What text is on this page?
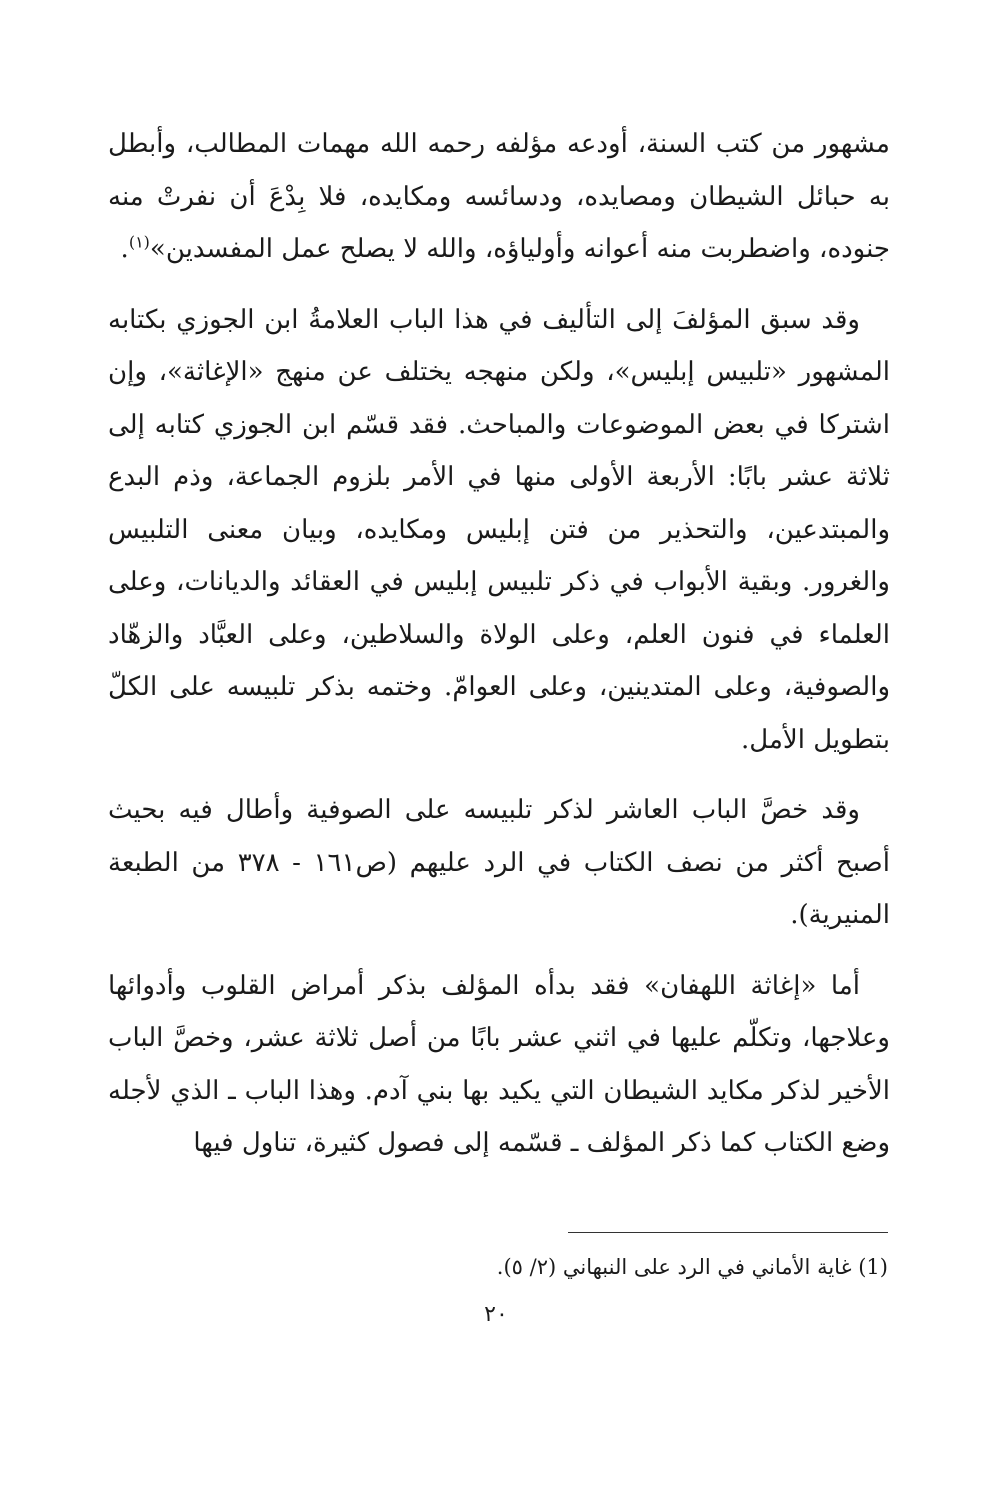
مشهور من كتب السنة، أودعه مؤلفه رحمه الله مهمات المطالب، وأبطل به حبائل الشيطان ومصايده، ودسائسه ومكايده، فلا بِدْعَ أن نفرتْ منه جنوده، واضطربت منه أعوانه وأولياؤه، والله لا يصلح عمل المفسدين»$^{(١)}$.

وقد سبق المؤلفَ إلى التأليف في هذا الباب العلامةُ ابن الجوزي بكتابه المشهور «تلبيس إبليس»، ولكن منهجه يختلف عن منهج «الإغاثة»، وإن اشتركا في بعض الموضوعات والمباحث. فقد قسّم ابن الجوزي كتابه إلى ثلاثة عشر بابًا: الأربعة الأولى منها في الأمر بلزوم الجماعة، وذم البدع والمبتدعين، والتحذير من فتن إبليس ومكايده، وبيان معنى التلبيس والغرور. وبقية الأبواب في ذكر تلبيس إبليس في العقائد والديانات، وعلى العلماء في فنون العلم، وعلى الولاة والسلاطين، وعلى العبَّاد والزهّاد والصوفية، وعلى المتدينين، وعلى العوامّ. وختمه بذكر تلبيسه على الكلّ بتطويل الأمل.

وقد خصَّ الباب العاشر لذكر تلبيسه على الصوفية وأطال فيه بحيث أصبح أكثر من نصف الكتاب في الرد عليهم (ص١٦١ - ٣٧٨ من الطبعة المنيرية).

أما «إغاثة اللهفان» فقد بدأه المؤلف بذكر أمراض القلوب وأدوائها وعلاجها، وتكلّم عليها في اثني عشر بابًا من أصل ثلاثة عشر، وخصَّ الباب الأخير لذكر مكايد الشيطان التي يكيد بها بني آدم. وهذا الباب ـ الذي لأجله وضع الكتاب كما ذكر المؤلف ـ قسّمه إلى فصول كثيرة، تناول فيها

(1) غاية الأماني في الرد على النبهاني (٢/ ٥).
٢٠
